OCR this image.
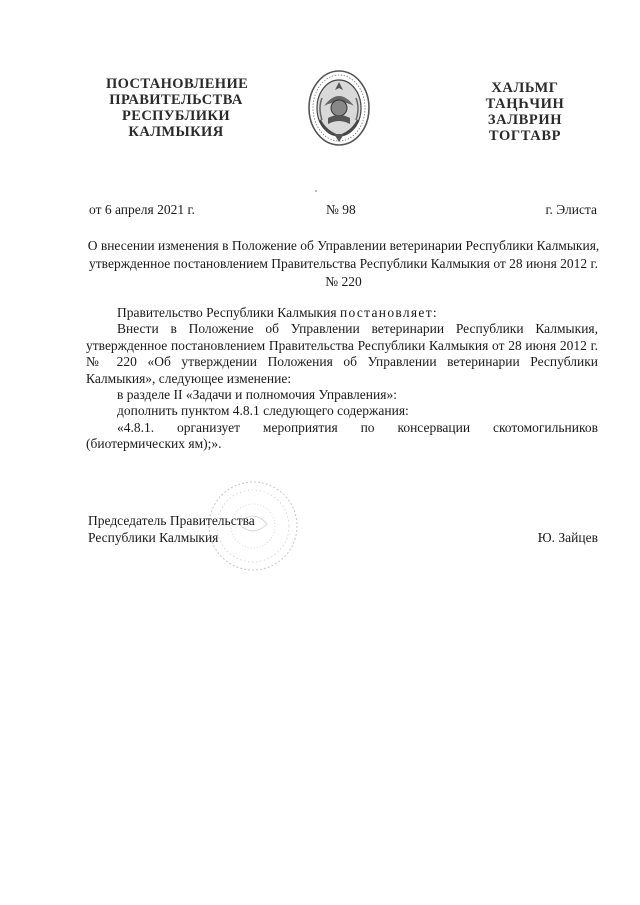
ПОСТАНОВЛЕНИЕ
ПРАВИТЕЛЬСТВА
РЕСПУБЛИКИ
КАЛМЫКИЯ
ХАЛЬМГ
ТАҢҺЧИН
ЗАЛВРИН
ТОГТАВР
от 6 апреля 2021 г.	№ 98	г. Элиста
О внесении изменения в Положение об Управлении ветеринарии Республики Калмыкия, утвержденное постановлением Правительства Республики Калмыкия от 28 июня 2012 г. № 220

Правительство Республики Калмыкия постановляет:

Внести в Положение об Управлении ветеринарии Республики Калмыкия, утвержденное постановлением Правительства Республики Калмыкия от 28 июня 2012 г. № 220 «Об утверждении Положения об Управлении ветеринарии Республики Калмыкия», следующее изменение:

в разделе II «Задачи и полномочия Управления»:

дополнить пунктом 4.8.1 следующего содержания:

«4.8.1. организует мероприятия по консервации скотомогильников (биотермических ям);».

Председатель Правительства
Республики Калмыкия	Ю. Зайцев
